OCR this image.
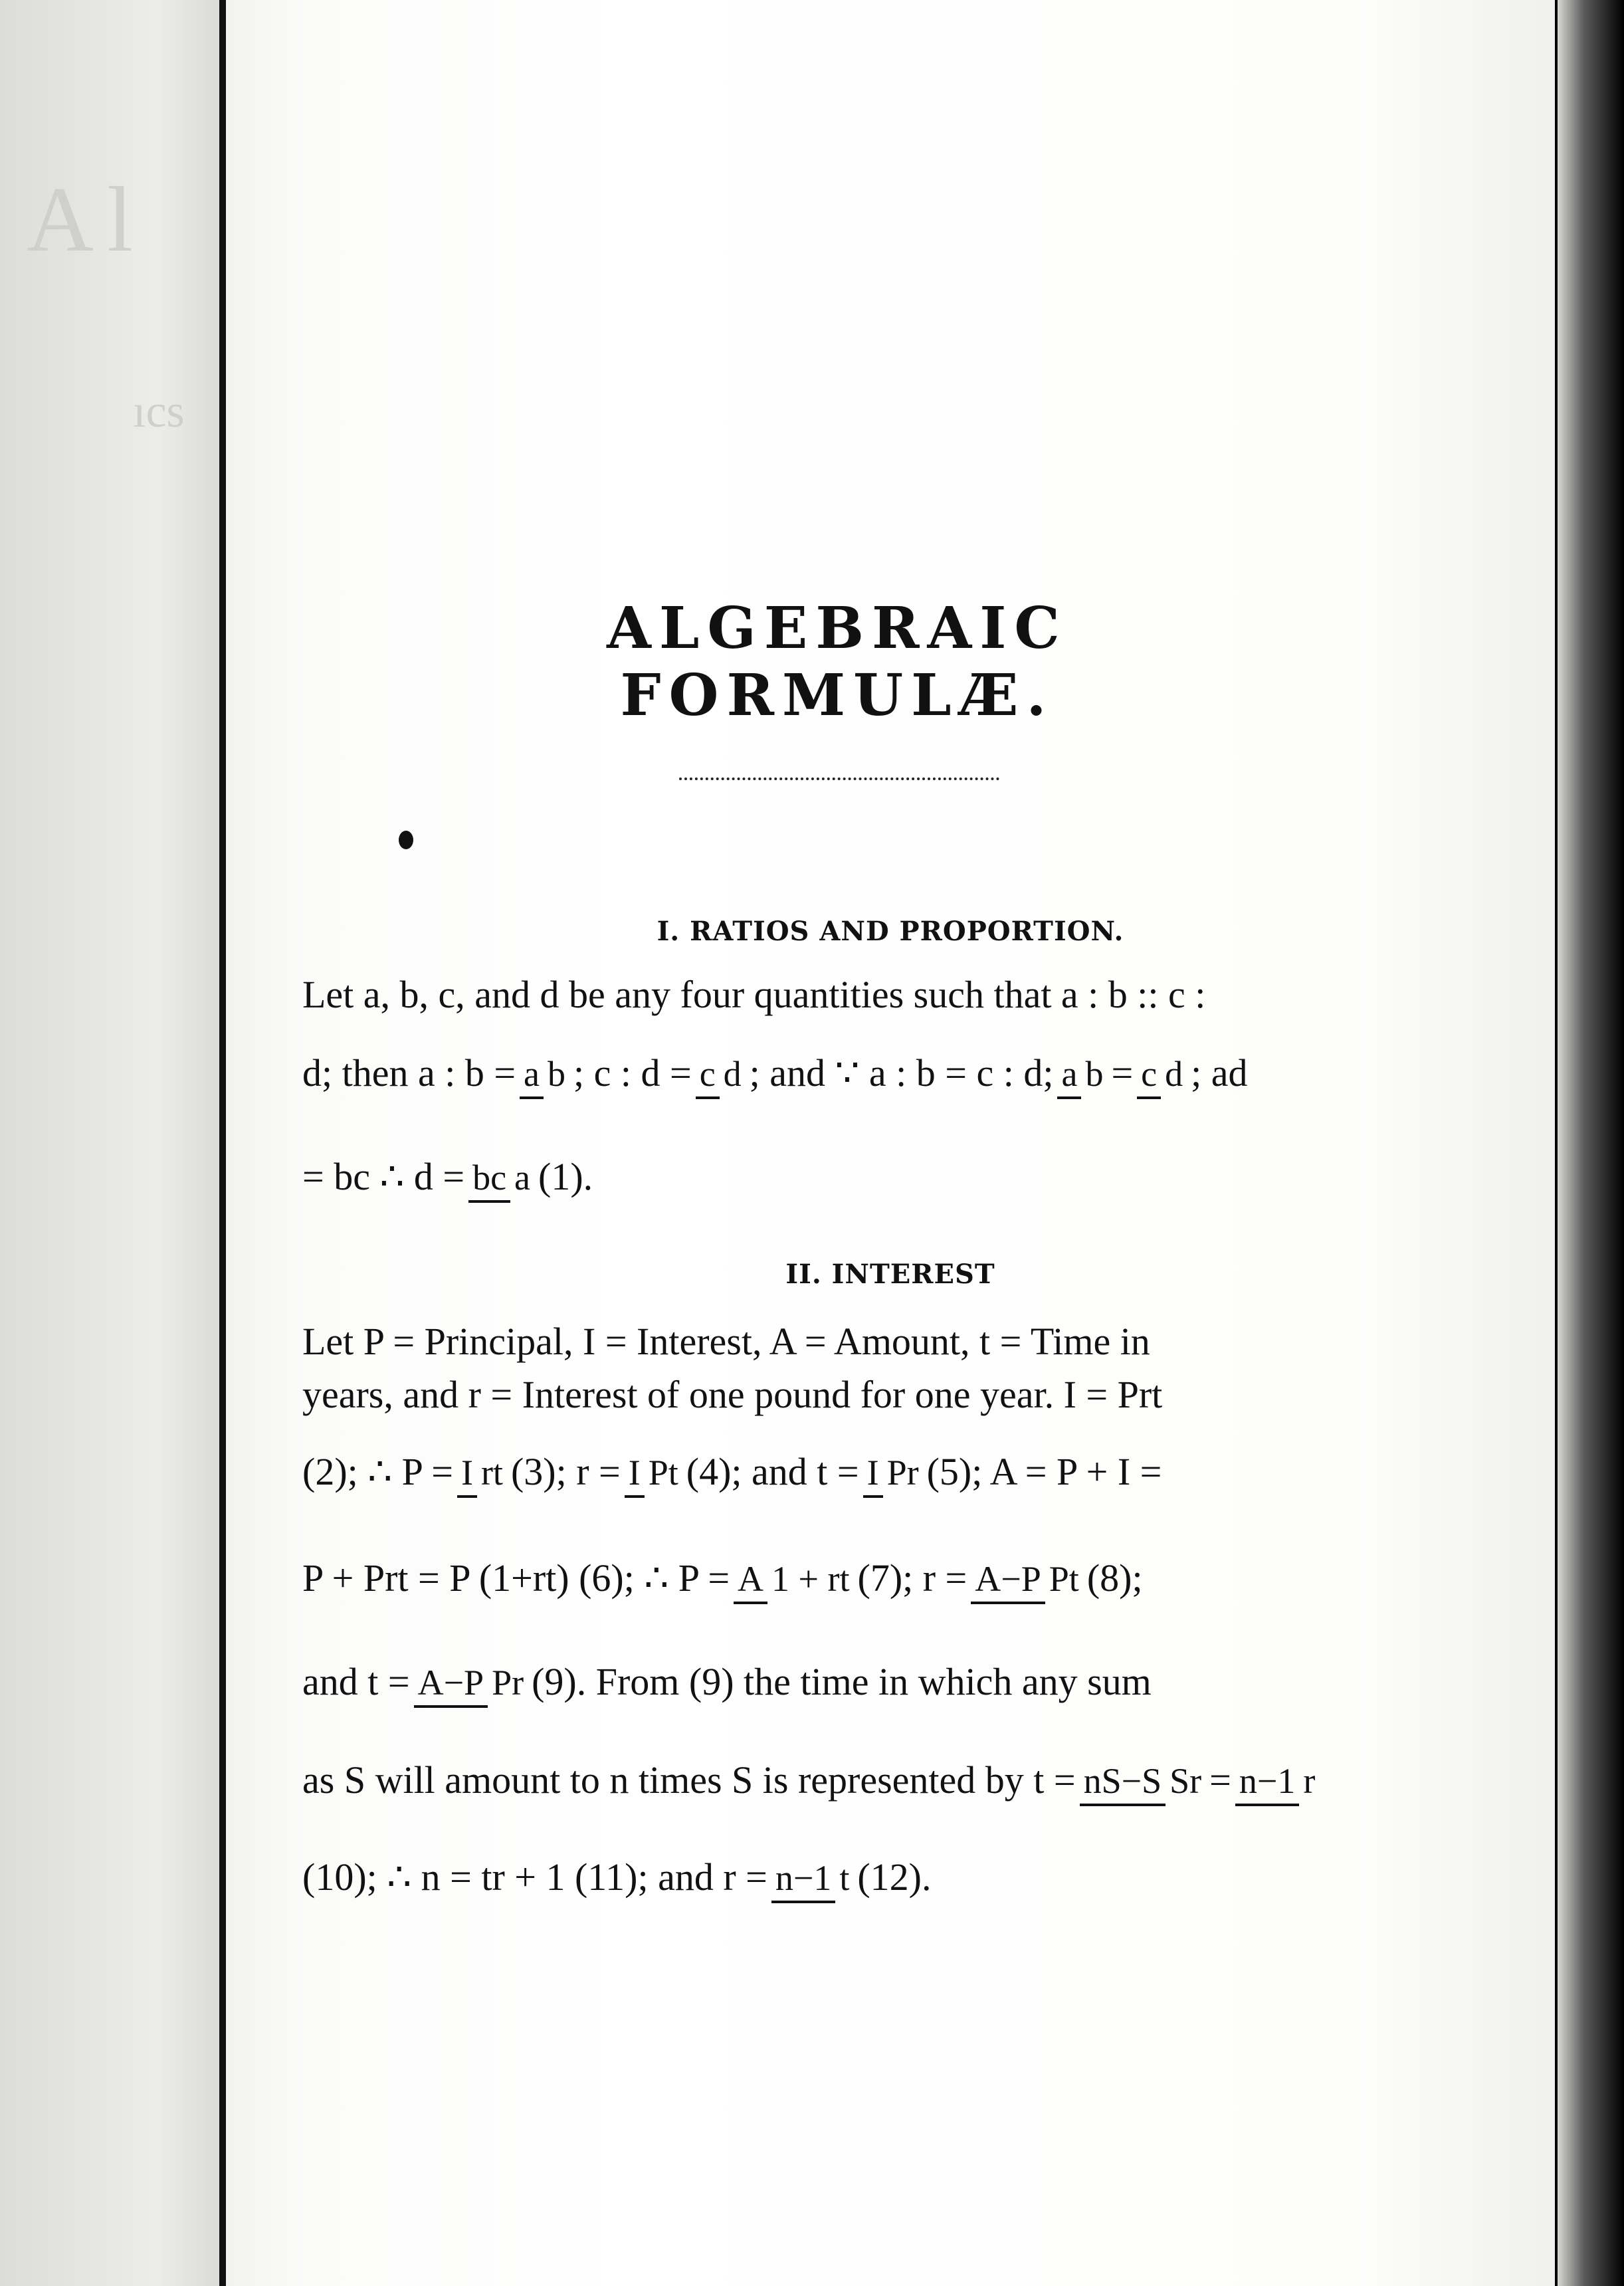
Al
ıcs
ALGEBRAIC FORMULÆ.
I. RATIOS AND PROPORTION.
Let a, b, c, and d be any four quantities such that a : b :: c :
d; then a : b = a b ; c : d = c d ; and ∵ a : b = c : d; a b = c d ; ad
= bc ∴ d = bc a (1).
II. INTEREST
Let P = Principal, I = Interest, A = Amount, t = Time in
years, and r = Interest of one pound for one year. I = Prt
(2); ∴ P = I rt (3); r = I Pt (4); and t = I Pr (5); A = P + I =
P + Prt = P (1+rt) (6); ∴ P = A 1 + rt (7); r = A−P Pt (8);
and t = A−P Pr (9). From (9) the time in which any sum
as S will amount to n times S is represented by t = nS−S Sr = n−1 r
(10); ∴ n = tr + 1 (11); and r = n−1 t (12).
